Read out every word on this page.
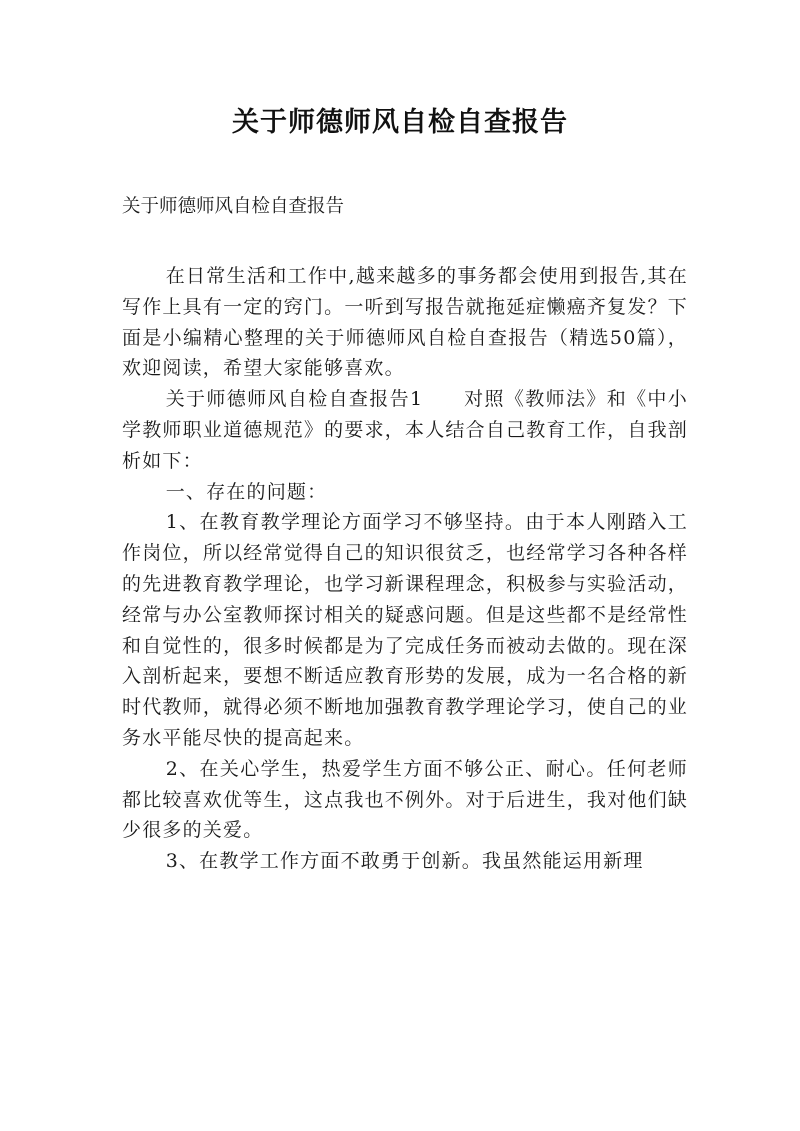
关于师德师风自检自查报告

关于师德师风自检自查报告

在日常生活和工作中,越来越多的事务都会使用到报告,其在写作上具有一定的窍门。一听到写报告就拖延症懒癌齐复发？下面是小编精心整理的关于师德师风自检自查报告（精选50篇），欢迎阅读，希望大家能够喜欢。

关于师德师风自检自查报告1　　对照《教师法》和《中小学教师职业道德规范》的要求，本人结合自己教育工作，自我剖析如下：

一、存在的问题：

1、在教育教学理论方面学习不够坚持。由于本人刚踏入工作岗位，所以经常觉得自己的知识很贫乏，也经常学习各种各样的先进教育教学理论，也学习新课程理念，积极参与实验活动，经常与办公室教师探讨相关的疑惑问题。但是这些都不是经常性和自觉性的，很多时候都是为了完成任务而被动去做的。现在深入剖析起来，要想不断适应教育形势的发展，成为一名合格的新时代教师，就得必须不断地加强教育教学理论学习，使自己的业务水平能尽快的提高起来。

2、在关心学生，热爱学生方面不够公正、耐心。任何老师都比较喜欢优等生，这点我也不例外。对于后进生，我对他们缺少很多的关爱。

3、在教学工作方面不敢勇于创新。我虽然能运用新理
